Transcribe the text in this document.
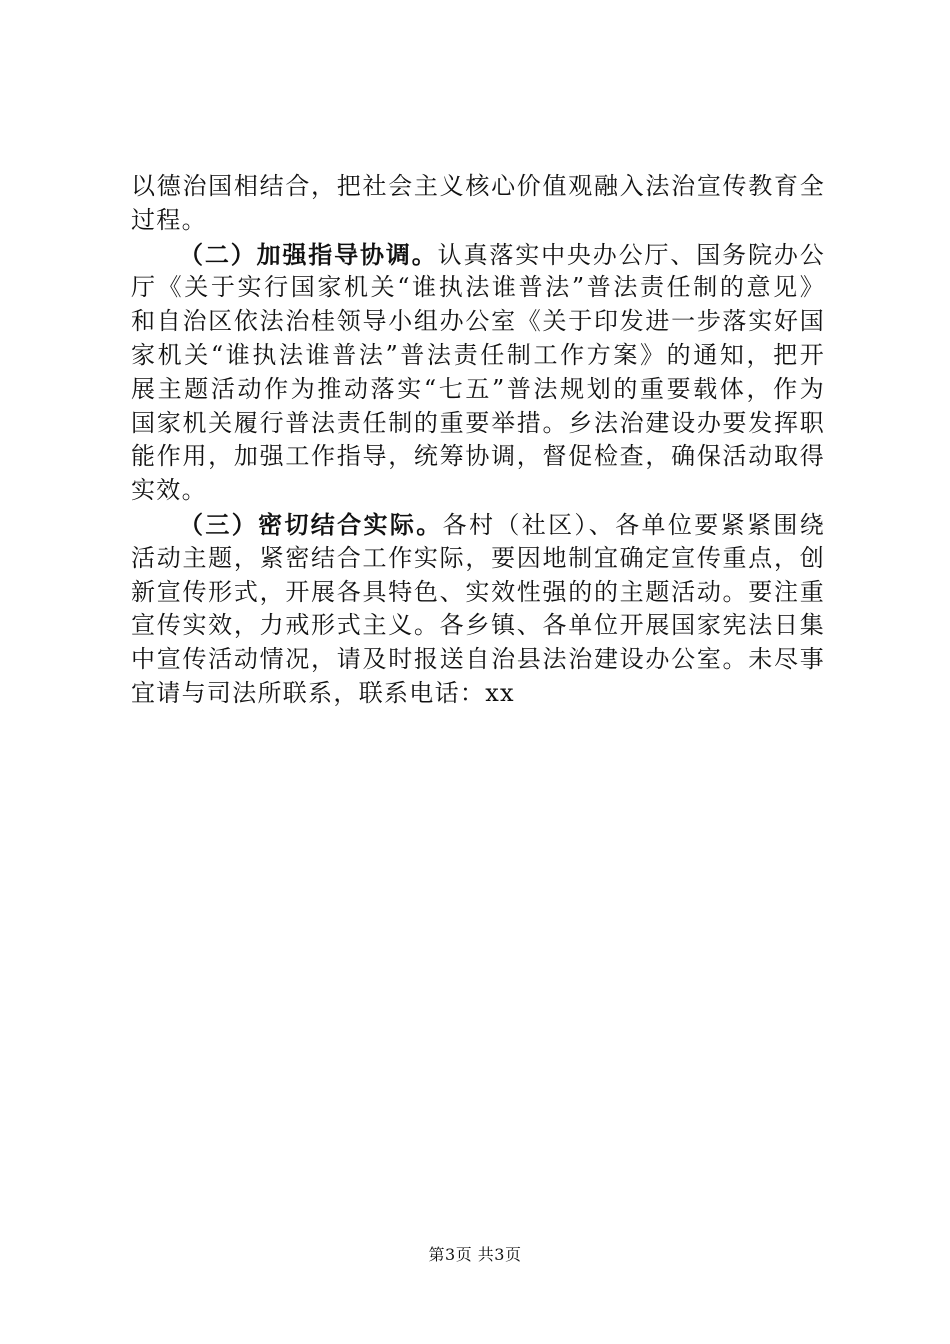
以德治国相结合，把社会主义核心价值观融入法治宣传教育全
过程。
（二）加强指导协调。认真落实中央办公厅、国务院办公
厅《关于实行国家机关“谁执法谁普法”普法责任制的意见》
和自治区依法治桂领导小组办公室《关于印发进一步落实好国
家机关“谁执法谁普法”普法责任制工作方案》的通知，把开
展主题活动作为推动落实“七五”普法规划的重要载体，作为
国家机关履行普法责任制的重要举措。乡法治建设办要发挥职
能作用，加强工作指导，统筹协调，督促检查，确保活动取得
实效。
（三）密切结合实际。各村（社区）、各单位要紧紧围绕
活动主题，紧密结合工作实际，要因地制宜确定宣传重点，创
新宣传形式，开展各具特色、实效性强的的主题活动。要注重
宣传实效，力戒形式主义。各乡镇、各单位开展国家宪法日集
中宣传活动情况，请及时报送自治县法治建设办公室。未尽事
宜请与司法所联系，联系电话：xx
第3页 共3页
